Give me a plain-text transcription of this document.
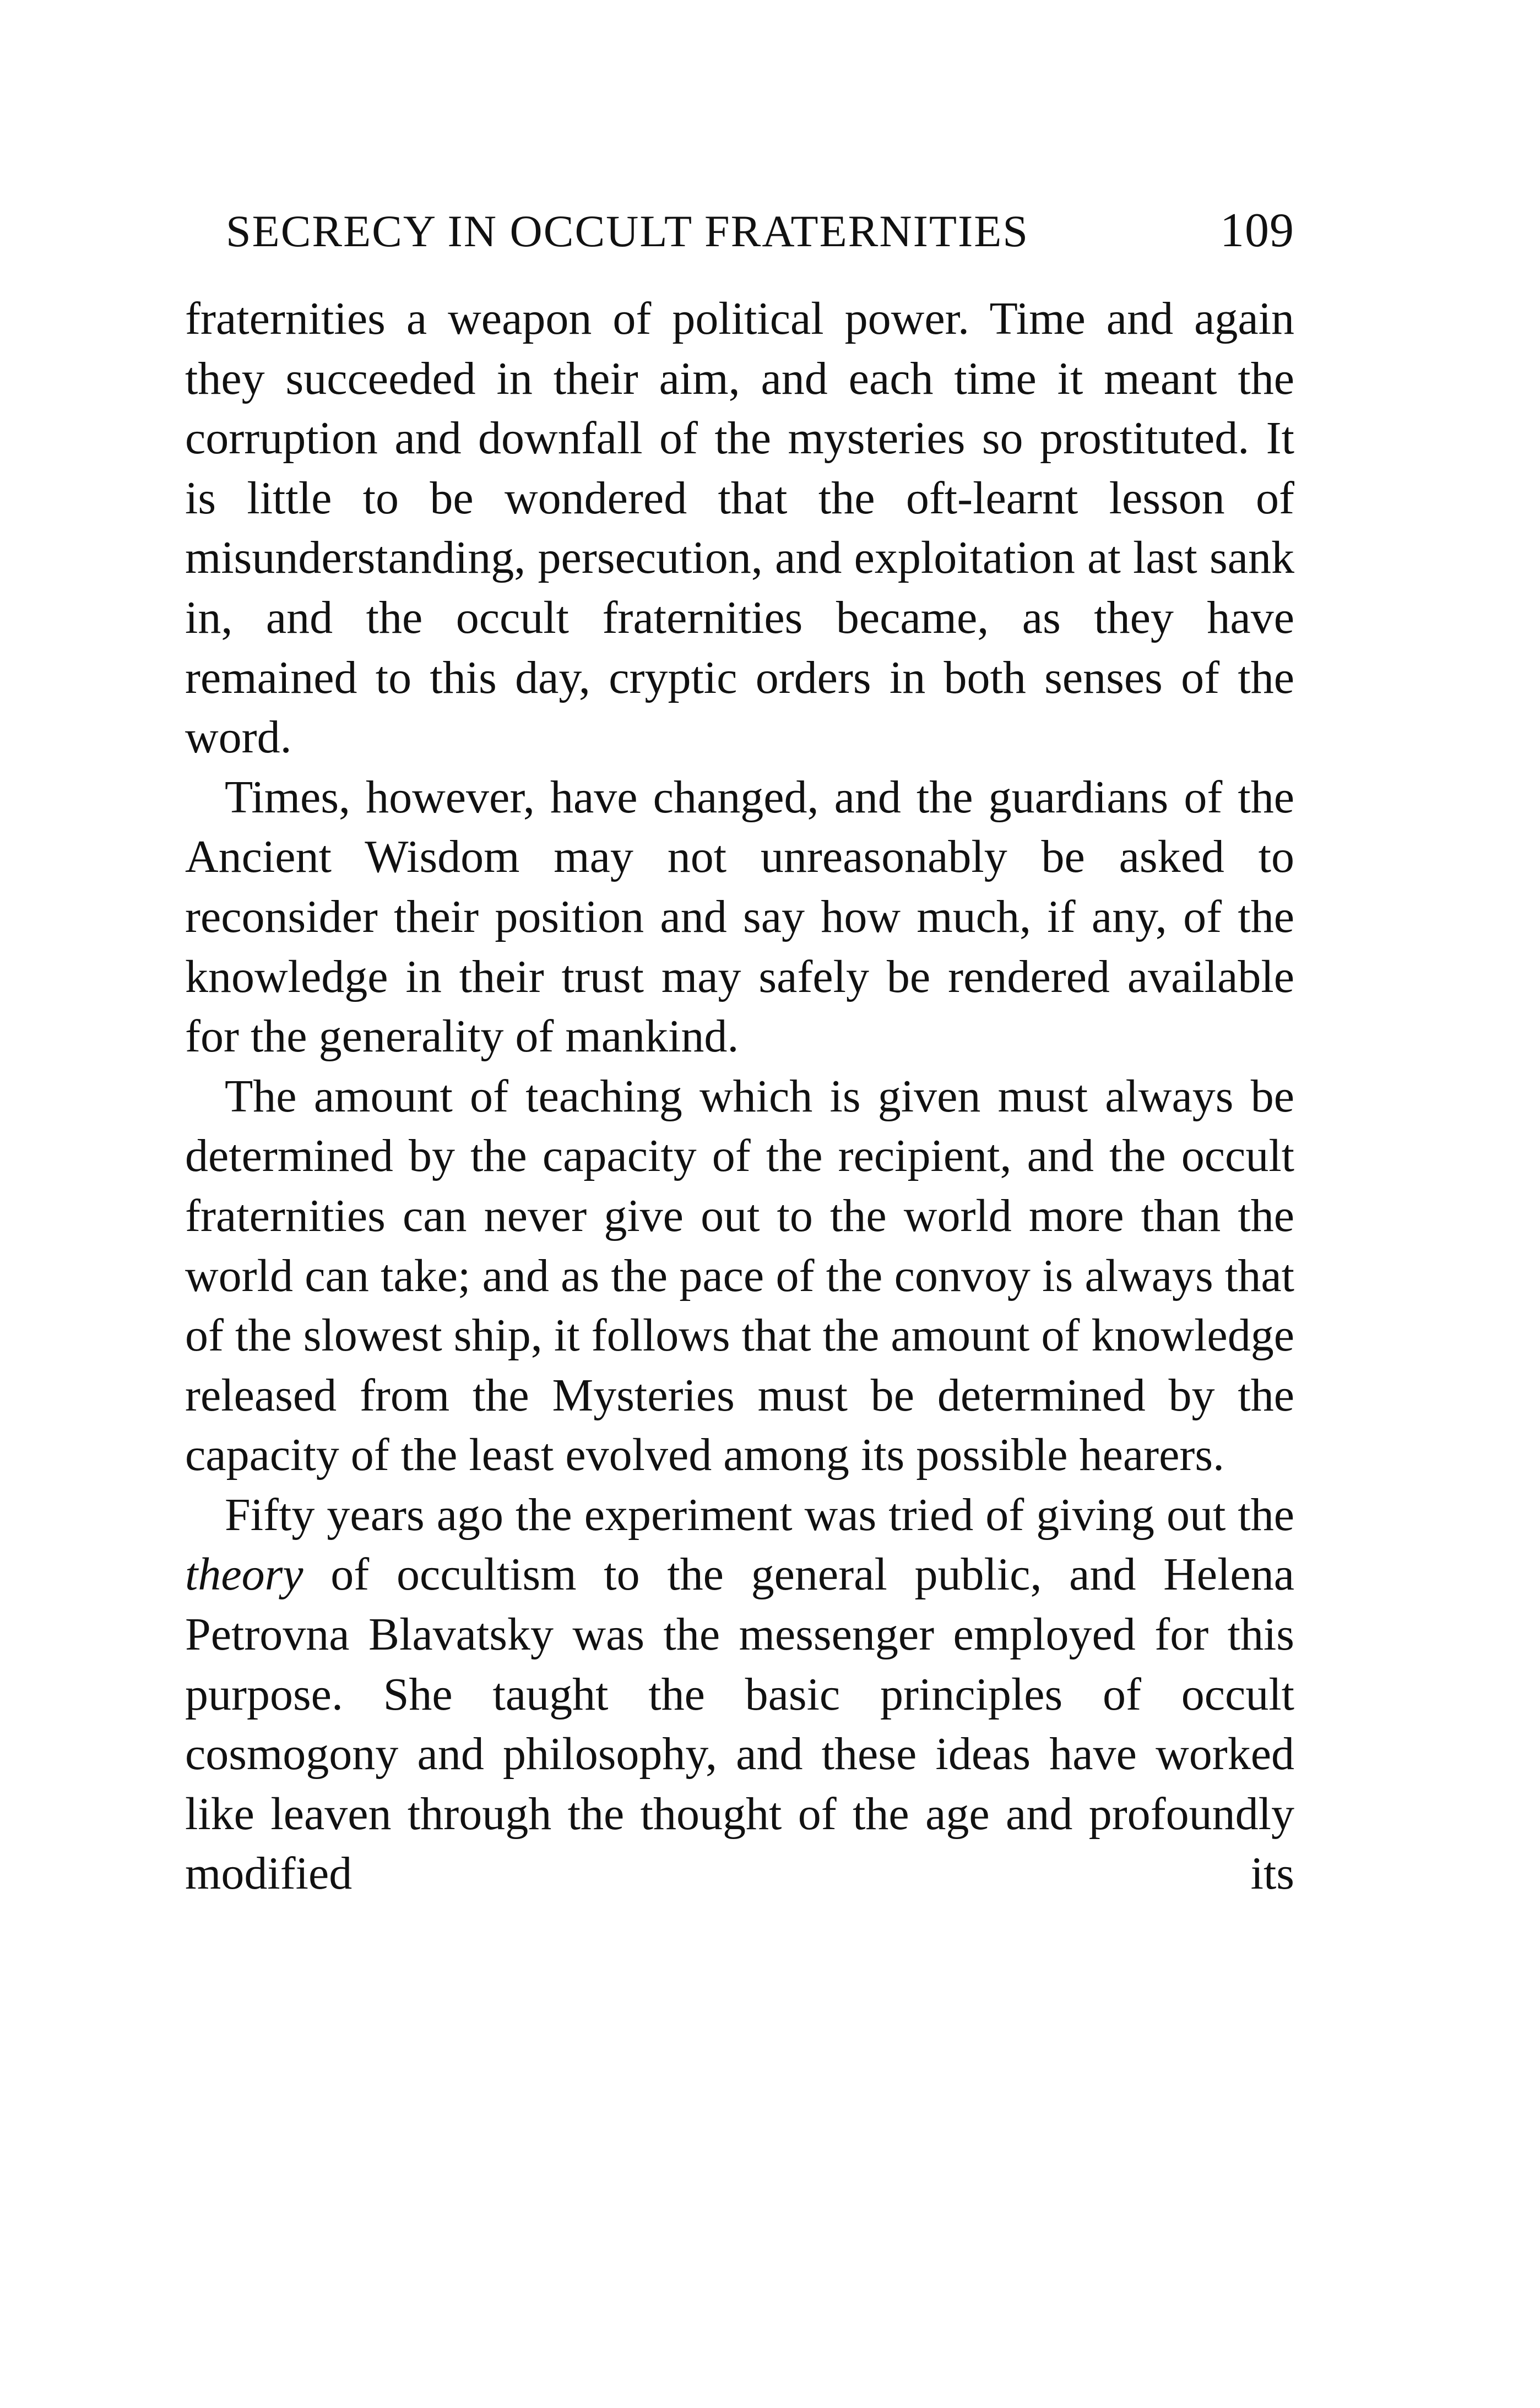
SECRECY IN OCCULT FRATERNITIES	109

fraternities a weapon of political power. Time and again they succeeded in their aim, and each time it meant the corruption and downfall of the mysteries so prostituted. It is little to be wondered that the oft-learnt lesson of misunderstanding, persecution, and exploitation at last sank in, and the occult fraternities became, as they have remained to this day, cryptic orders in both senses of the word.

Times, however, have changed, and the guardians of the Ancient Wisdom may not unreasonably be asked to reconsider their position and say how much, if any, of the knowledge in their trust may safely be rendered available for the generality of mankind.

The amount of teaching which is given must always be determined by the capacity of the recipient, and the occult fraternities can never give out to the world more than the world can take; and as the pace of the convoy is always that of the slowest ship, it follows that the amount of knowledge released from the Mysteries must be determined by the capacity of the least evolved among its possible hearers.

Fifty years ago the experiment was tried of giving out the theory of occultism to the general public, and Helena Petrovna Blavatsky was the messenger employed for this purpose. She taught the basic principles of occult cosmogony and philosophy, and these ideas have worked like leaven through the thought of the age and profoundly modified its
